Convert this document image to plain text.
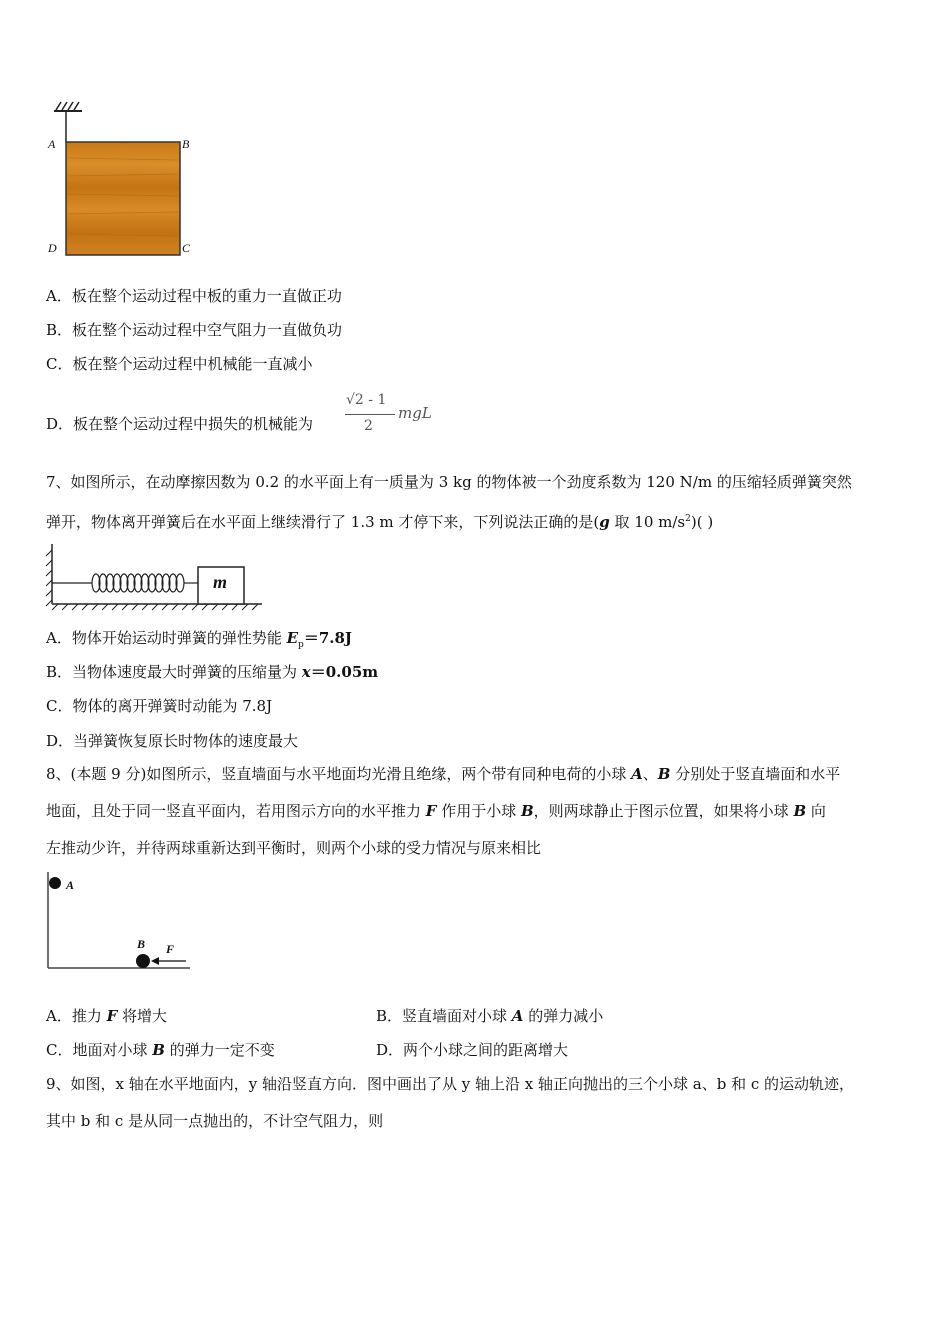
A	B
D	C
A．板在整个运动过程中板的重力一直做正功
B．板在整个运动过程中空气阻力一直做负功
C．板在整个运动过程中机械能一直减小
D．板在整个运动过程中损失的机械能为
√2 - 1
2
mgL
7、如图所示，在动摩擦因数为 0.2 的水平面上有一质量为 3 kg 的物体被一个劲度系数为 120 N/m 的压缩轻质弹簧突然
弹开，物体离开弹簧后在水平面上继续滑行了 1.3 m 才停下来，下列说法正确的是(g 取 10 $m/s^2$)( )
m
A．物体开始运动时弹簧的弹性势能 $E_p=7.8J$
B．当物体速度最大时弹簧的压缩量为 x＝0.05m
C．物体的离开弹簧时动能为 7.8J
D．当弹簧恢复原长时物体的速度最大
8、(本题 9 分)如图所示，竖直墙面与水平地面均光滑且绝缘，两个带有同种电荷的小球 A、B 分别处于竖直墙面和水平
地面，且处于同一竖直平面内，若用图示方向的水平推力 F 作用于小球 B，则两球静止于图示位置，如果将小球 B 向
左推动少许，并待两球重新达到平衡时，则两个小球的受力情况与原来相比
A
B F
A．推力 F 将增大	B．竖直墙面对小球 A 的弹力减小
C．地面对小球 B 的弹力一定不变	D．两个小球之间的距离增大
9、如图，x 轴在水平地面内，y 轴沿竖直方向．图中画出了从 y 轴上沿 x 轴正向抛出的三个小球 a、b 和 c 的运动轨迹，
其中 b 和 c 是从同一点抛出的，不计空气阻力，则
